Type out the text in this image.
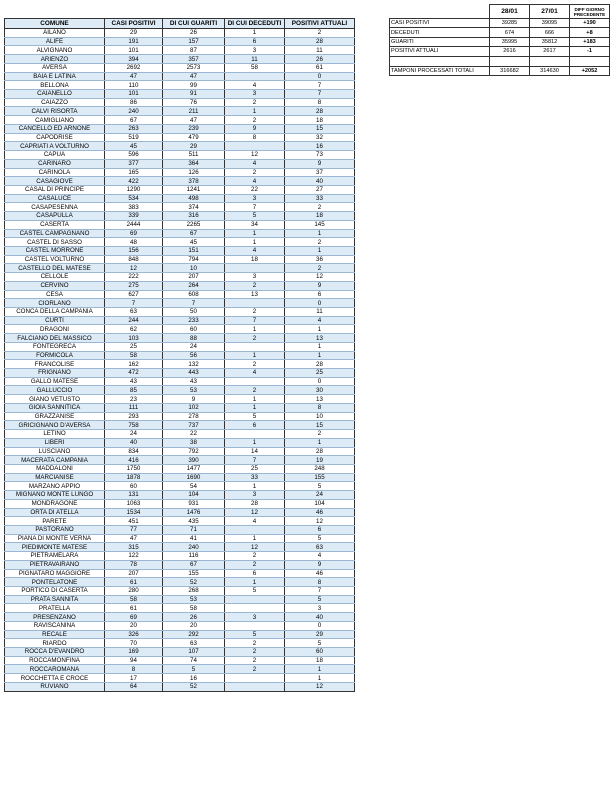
COMUNE	CASI POSITIVI	DI CUI GUARITI	DI CUI DECEDUTI	POSITIVI ATTUALI
AILANO	29	26	1	2
ALIFE	191	157	6	28
ALVIGNANO	101	87	3	11
ARIENZO	394	357	11	26
AVERSA	2692	2573	58	61
BAIA E LATINA	47	47		0
BELLONA	110	99	4	7
CAIANELLO	101	91	3	7
CAIAZZO	86	76	2	8
CALVI RISORTA	240	211	1	28
CAMIGLIANO	67	47	2	18
CANCELLO ED ARNONE	263	239	9	15
CAPODRISE	519	479	8	32
CAPRIATI A VOLTURNO	45	29		16
CAPUA	596	511	12	73
CARINARO	377	364	4	9
CARINOLA	165	126	2	37
CASAGIOVE	422	378	4	40
CASAL DI PRINCIPE	1290	1241	22	27
CASALUCE	534	498	3	33
CASAPESENNA	383	374	7	2
CASAPULLA	339	316	5	18
CASERTA	2444	2265	34	145
CASTEL CAMPAGNANO	69	67	1	1
CASTEL DI SASSO	48	45	1	2
CASTEL MORRONE	156	151	4	1
CASTEL VOLTURNO	848	794	18	36
CASTELLO DEL MATESE	12	10		2
CELLOLE	222	207	3	12
CERVINO	275	264	2	9
CESA	627	608	13	6
CIORLANO	7	7		0
CONCA DELLA CAMPANIA	63	50	2	11
CURTI	244	233	7	4
DRAGONI	62	60	1	1
FALCIANO DEL MASSICO	103	88	2	13
FONTEGRECA	25	24		1
FORMICOLA	58	56	1	1
FRANCOLISE	162	132	2	28
FRIGNANO	472	443	4	25
GALLO MATESE	43	43		0
GALLUCCIO	85	53	2	30
GIANO VETUSTO	23	9	1	13
GIOIA SANNITICA	111	102	1	8
GRAZZANISE	293	278	5	10
GRICIGNANO D'AVERSA	758	737	6	15
LETINO	24	22		2
LIBERI	40	38	1	1
LUSCIANO	834	792	14	28
MACERATA CAMPANIA	416	390	7	19
MADDALONI	1750	1477	25	248
MARCIANISE	1878	1690	33	155
MARZANO APPIO	60	54	1	5
MIGNANO MONTE LUNGO	131	104	3	24
MONDRAGONE	1063	931	28	104
ORTA DI ATELLA	1534	1476	12	46
PARETE	451	435	4	12
PASTORANO	77	71		6
PIANA DI MONTE VERNA	47	41	1	5
PIEDIMONTE MATESE	315	240	12	63
PIETRAMELARA	122	116	2	4
PIETRAVAIRANO	78	67	2	9
PIGNATARO MAGGIORE	207	155	6	46
PONTELATONE	61	52	1	8
PORTICO DI CASERTA	280	268	5	7
PRATA SANNITA	58	53		5
PRATELLA	61	58		3
PRESENZANO	69	26	3	40
RAVISCANINA	20	20		0
RECALE	326	292	5	29
RIARDO	70	63	2	5
ROCCA D'EVANDRO	169	107	2	60
ROCCAMONFINA	94	74	2	18
ROCCAROMANA	8	5	2	1
ROCCHETTA E CROCE	17	16		1
RUVIANO	64	52		12
	28/01	27/01	DIFF GIORNO PRECEDENTE
CASI POSITIVI	39285	39095	+190
DECEDUTI	674	666	+8
GUARITI	35995	35812	+183
POSITIVI ATTUALI	2616	2617	-1

TAMPONI PROCESSATI TOTALI	316682	314630	+2052
